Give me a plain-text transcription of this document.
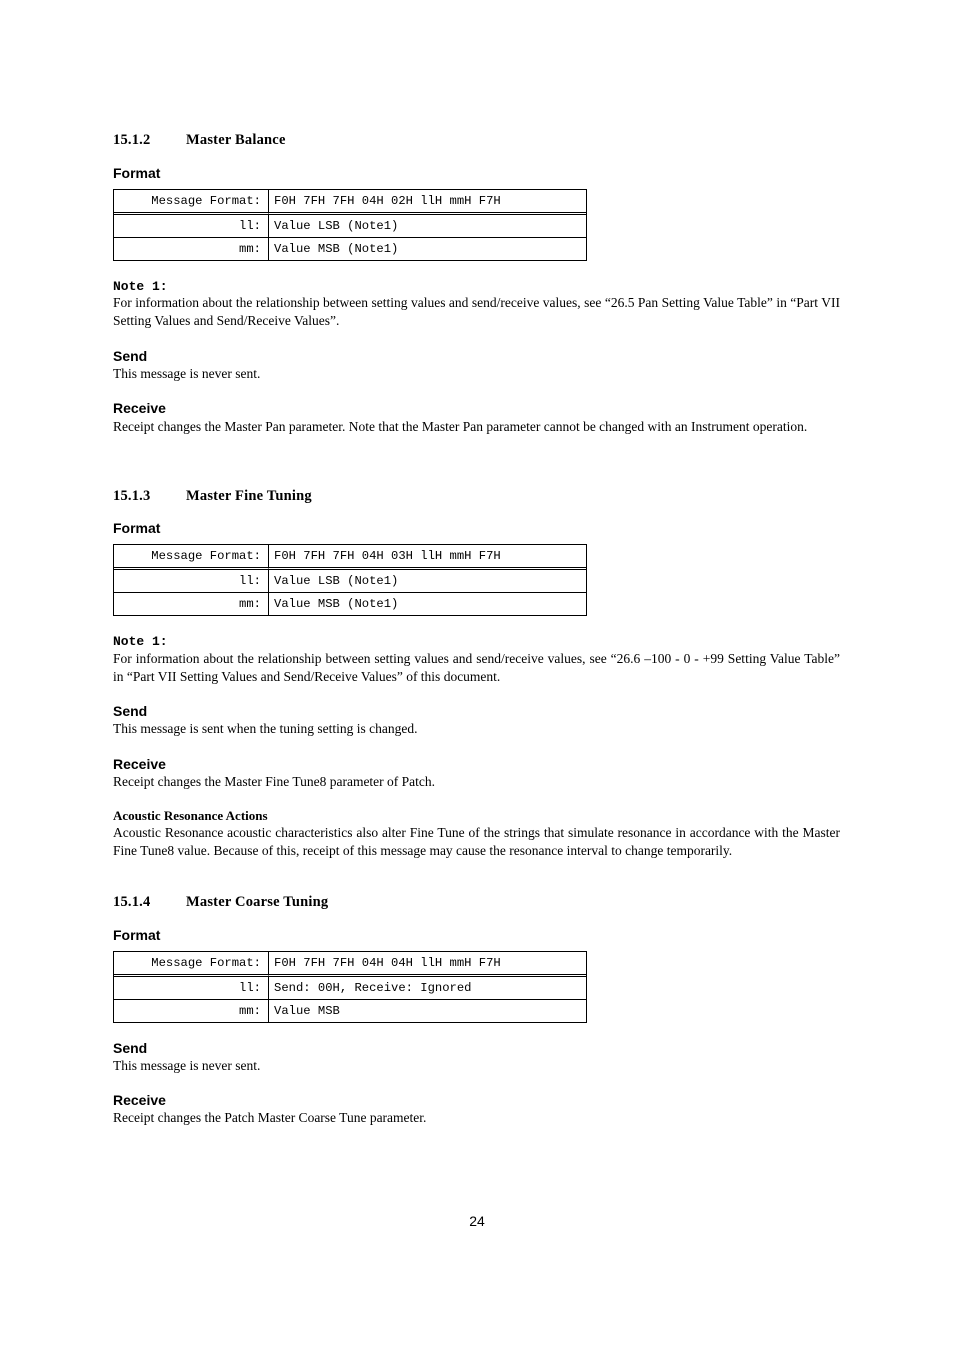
15.1.2 Master Balance
Format
Message Format:	F0H 7FH 7FH 04H 02H llH mmH F7H
ll:	Value LSB (Note1)
mm:	Value MSB (Note1)
Note 1:
For information about the relationship between setting values and send/receive values, see “26.5 Pan Setting Value Table” in “Part VII Setting Values and Send/Receive Values”.
Send
This message is never sent.
Receive
Receipt changes the Master Pan parameter. Note that the Master Pan parameter cannot be changed with an Instrument operation.
15.1.3 Master Fine Tuning
Format
Message Format:	F0H 7FH 7FH 04H 03H llH mmH F7H
ll:	Value LSB (Note1)
mm:	Value MSB (Note1)
Note 1:
For information about the relationship between setting values and send/receive values, see “26.6 –100 - 0 - +99 Setting Value Table” in “Part VII Setting Values and Send/Receive Values” of this document.
Send
This message is sent when the tuning setting is changed.
Receive
Receipt changes the Master Fine Tune8 parameter of Patch.
Acoustic Resonance Actions
Acoustic Resonance acoustic characteristics also alter Fine Tune of the strings that simulate resonance in accordance with the Master Fine Tune8 value. Because of this, receipt of this message may cause the resonance interval to change temporarily.
15.1.4 Master Coarse Tuning
Format
Message Format:	F0H 7FH 7FH 04H 04H llH mmH F7H
ll:	Send: 00H, Receive: Ignored
mm:	Value MSB
Send
This message is never sent.
Receive
Receipt changes the Patch Master Coarse Tune parameter.
24
